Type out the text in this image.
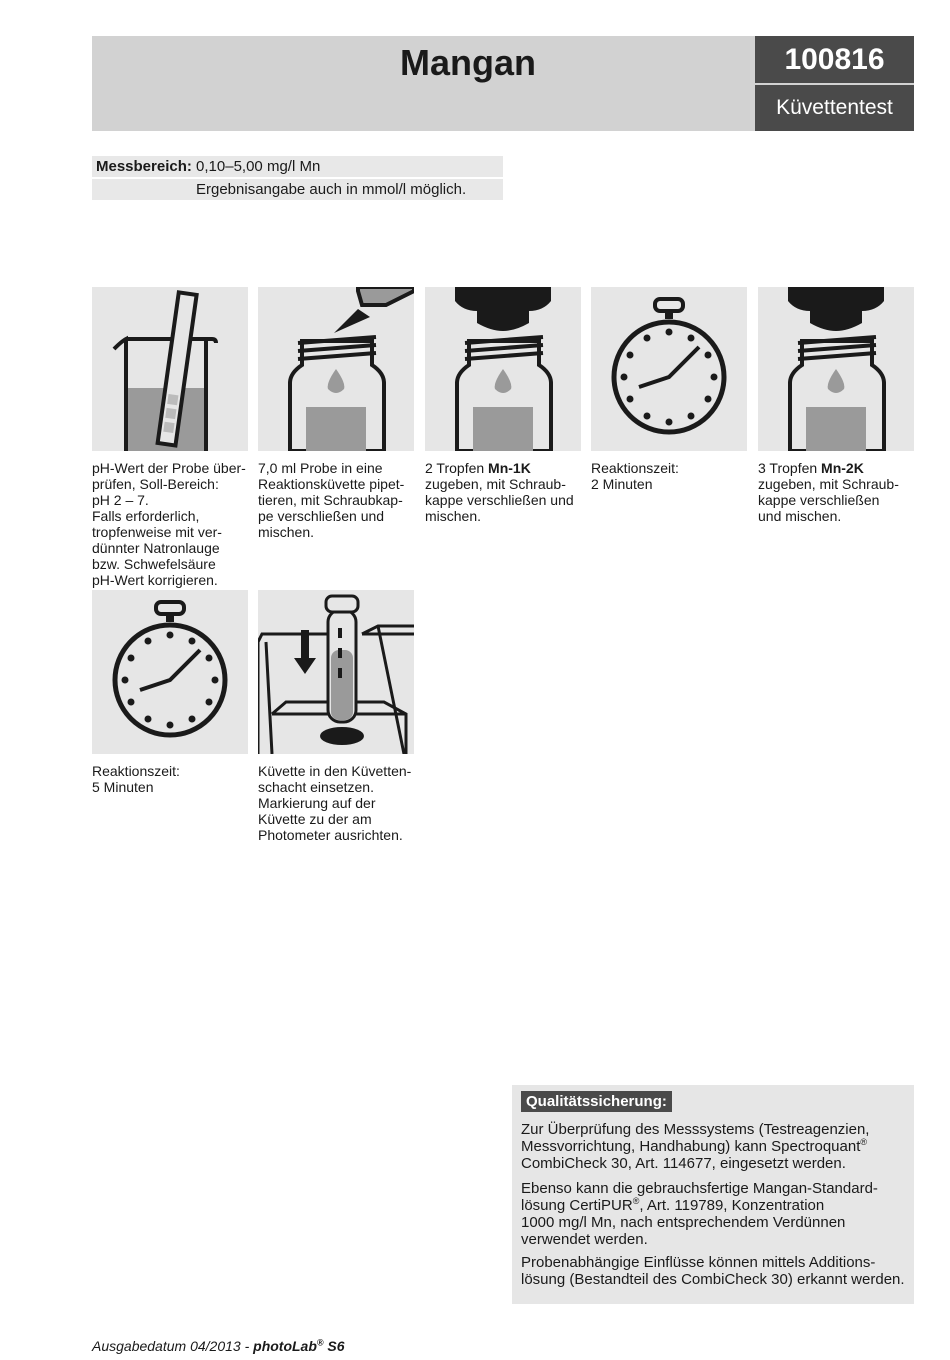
Mangan	100816
Küvettentest
Messbereich: 0,10–5,00 mg/l Mn
Ergebnisangabe auch in mmol/l möglich.
pH-Wert der Probe über-
prüfen, Soll-Bereich:
pH 2 – 7.
Falls erforderlich,
tropfenweise mit ver-
dünnter Natronlauge
bzw. Schwefelsäure
pH-Wert korrigieren.
7,0 ml Probe in eine
Reaktionsküvette pipet-
tieren, mit Schraubkap-
pe verschließen und
mischen.
2 Tropfen Mn-1K
zugeben, mit Schraub-
kappe verschließen und
mischen.
Reaktionszeit:
2 Minuten
3 Tropfen Mn-2K
zugeben, mit Schraub-
kappe verschließen
und mischen.
Reaktionszeit:
5 Minuten
Küvette in den Küvetten-
schacht einsetzen.
Markierung auf der
Küvette zu der am
Photometer ausrichten.
Qualitätssicherung:

Zur Überprüfung des Messsystems (Testreagenzien,
Messvorrichtung, Handhabung) kann Spectroquant®
CombiCheck 30, Art. 114677, eingesetzt werden.

Ebenso kann die gebrauchsfertige Mangan-Standard-
lösung CertiPUR®, Art. 119789, Konzentration
1000 mg/l Mn, nach entsprechendem Verdünnen
verwendet werden.

Probenabhängige Einflüsse können mittels Additions-
lösung (Bestandteil des CombiCheck 30) erkannt werden.

Ausgabedatum 04/2013 - photoLab® S6
